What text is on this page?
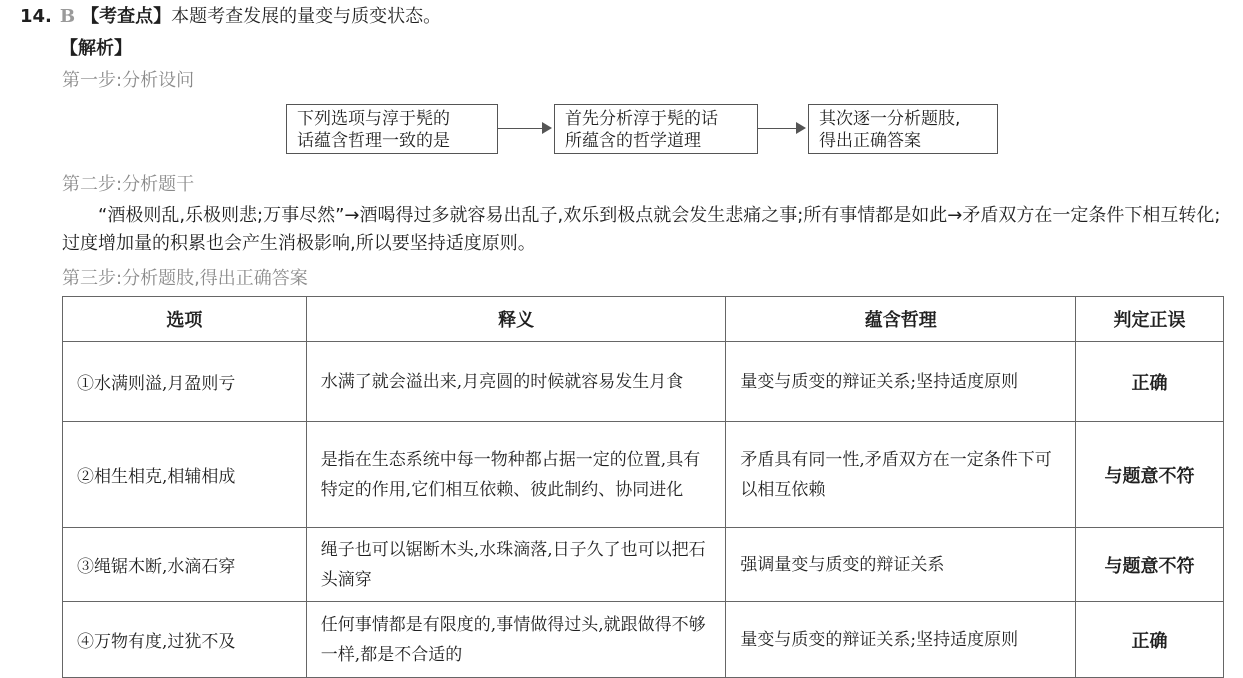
14. B 【考查点】本题考查发展的量变与质变状态。
【解析】
第一步:分析设问
下列选项与淳于髡的
话蕴含哲理一致的是
首先分析淳于髡的话
所蕴含的哲学道理
其次逐一分析题肢,
得出正确答案
第二步:分析题干
“酒极则乱,乐极则悲;万事尽然”→酒喝得过多就容易出乱子,欢乐到极点就会发生悲痛之事;所有事情都是如此→矛盾双方在一定条件下相互转化;过度增加量的积累也会产生消极影响,所以要坚持适度原则。
第三步:分析题肢,得出正确答案
选项	释义	蕴含哲理	判定正误
①水满则溢,月盈则亏	水满了就会溢出来,月亮圆的时候就容易发生月食	量变与质变的辩证关系;坚持适度原则	正确
②相生相克,相辅相成	是指在生态系统中每一物种都占据一定的位置,具有特定的作用,它们相互依赖、彼此制约、协同进化	矛盾具有同一性,矛盾双方在一定条件下可以相互依赖	与题意不符
③绳锯木断,水滴石穿	绳子也可以锯断木头,水珠滴落,日子久了也可以把石头滴穿	强调量变与质变的辩证关系	与题意不符
④万物有度,过犹不及	任何事情都是有限度的,事情做得过头,就跟做得不够一样,都是不合适的	量变与质变的辩证关系;坚持适度原则	正确
